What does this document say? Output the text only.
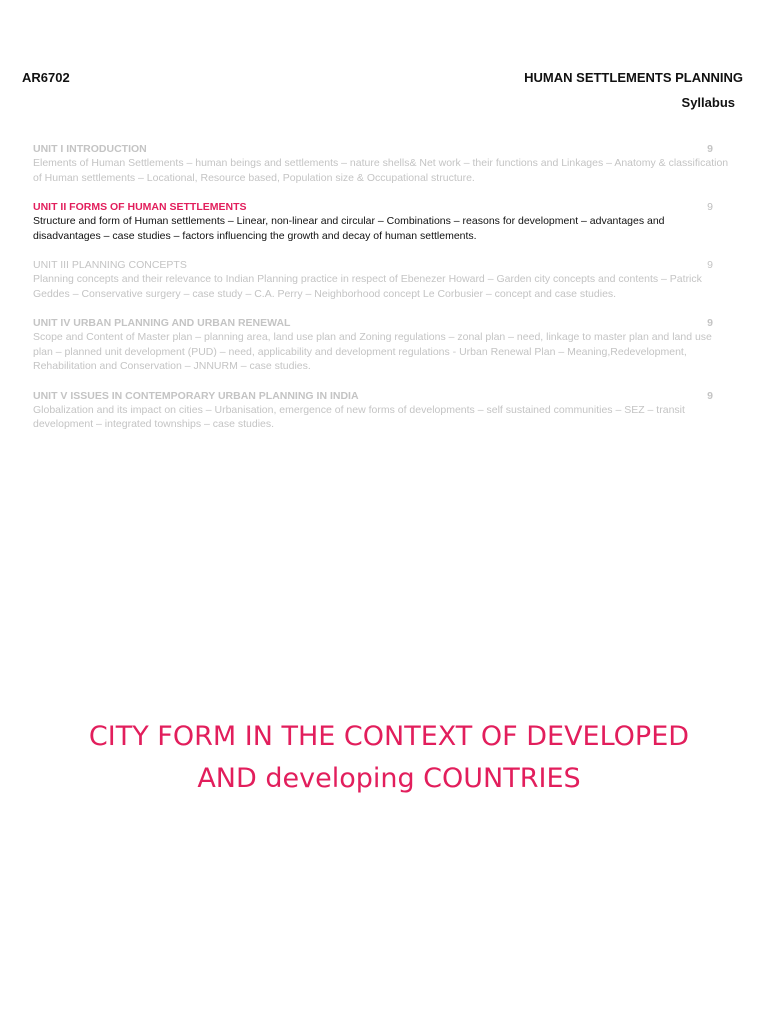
AR6702	HUMAN SETTLEMENTS PLANNING
Syllabus
UNIT I INTRODUCTION	9
Elements of Human Settlements – human beings and settlements – nature shells& Net work – their functions and Linkages – Anatomy & classification of Human settlements – Locational, Resource based, Population size & Occupational structure.
UNIT II FORMS OF HUMAN SETTLEMENTS	9
Structure and form of Human settlements – Linear, non-linear and circular – Combinations – reasons for development – advantages and disadvantages – case studies – factors influencing the growth and decay of human settlements.
UNIT III PLANNING CONCEPTS	9
Planning concepts and their relevance to Indian Planning practice in respect of Ebenezer Howard – Garden city concepts and contents – Patrick Geddes – Conservative surgery – case study – C.A. Perry – Neighborhood concept Le Corbusier – concept and case studies.
UNIT IV URBAN PLANNING AND URBAN RENEWAL	9
Scope and Content of Master plan – planning area, land use plan and Zoning regulations – zonal plan – need, linkage to master plan and land use plan – planned unit development (PUD) – need, applicability and development regulations - Urban Renewal Plan – Meaning,Redevelopment, Rehabilitation and Conservation – JNNURM – case studies.
UNIT V ISSUES IN CONTEMPORARY URBAN PLANNING IN INDIA	9
Globalization and its impact on cities – Urbanisation, emergence of new forms of developments – self sustained communities – SEZ – transit development – integrated townships – case studies.
CITY FORM IN THE CONTEXT OF DEVELOPED
AND developing COUNTRIES
